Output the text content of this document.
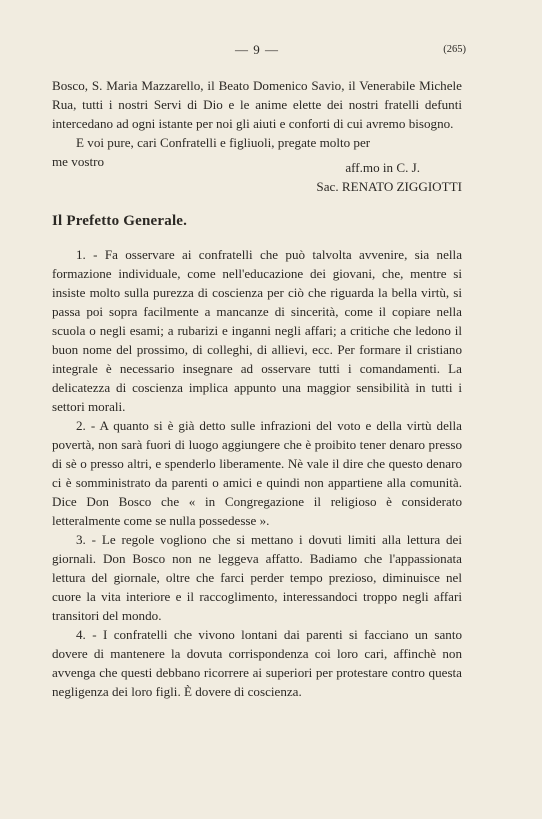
— 9 —	(265)

Bosco, S. Maria Mazzarello, il Beato Domenico Savio, il Venerabile Michele Rua, tutti i nostri Servi di Dio e le anime elette dei nostri fratelli defunti intercedano ad ogni istante per noi gli aiuti e conforti di cui avremo bisogno.

E voi pure, cari Confratelli e figliuoli, pregate molto per

me vostro	aff.mo in C. J.

Sac. RENATO ZIGGIOTTI

Il Prefetto Generale.

1. - Fa osservare ai confratelli che può talvolta avvenire, sia nella formazione individuale, come nell'educazione dei giovani, che, mentre si insiste molto sulla purezza di coscienza per ciò che riguarda la bella virtù, si passa poi sopra facilmente a mancanze di sincerità, come il copiare nella scuola o negli esami; a rubarizi e inganni negli affari; a critiche che ledono il buon nome del prossimo, di colleghi, di allievi, ecc. Per formare il cristiano integrale è necessario insegnare ad osservare tutti i comandamenti. La delicatezza di coscienza implica appunto una maggior sensibilità in tutti i settori morali.

2. - A quanto si è già detto sulle infrazioni del voto e della virtù della povertà, non sarà fuori di luogo aggiungere che è proibito tener denaro presso di sè o presso altri, e spenderlo liberamente. Nè vale il dire che questo denaro ci è somministrato da parenti o amici e quindi non appartiene alla comunità. Dice Don Bosco che « in Congregazione il religioso è considerato letteralmente come se nulla possedesse ».

3. - Le regole vogliono che si mettano i dovuti limiti alla lettura dei giornali. Don Bosco non ne leggeva affatto. Badiamo che l'appassionata lettura del giornale, oltre che farci perder tempo prezioso, diminuisce nel cuore la vita interiore e il raccoglimento, interessandoci troppo negli affari transitori del mondo.

4. - I confratelli che vivono lontani dai parenti si facciano un santo dovere di mantenere la dovuta corrispondenza coi loro cari, affinchè non avvenga che questi debbano ricorrere ai superiori per protestare contro questa negligenza dei loro figli. È dovere di coscienza.
